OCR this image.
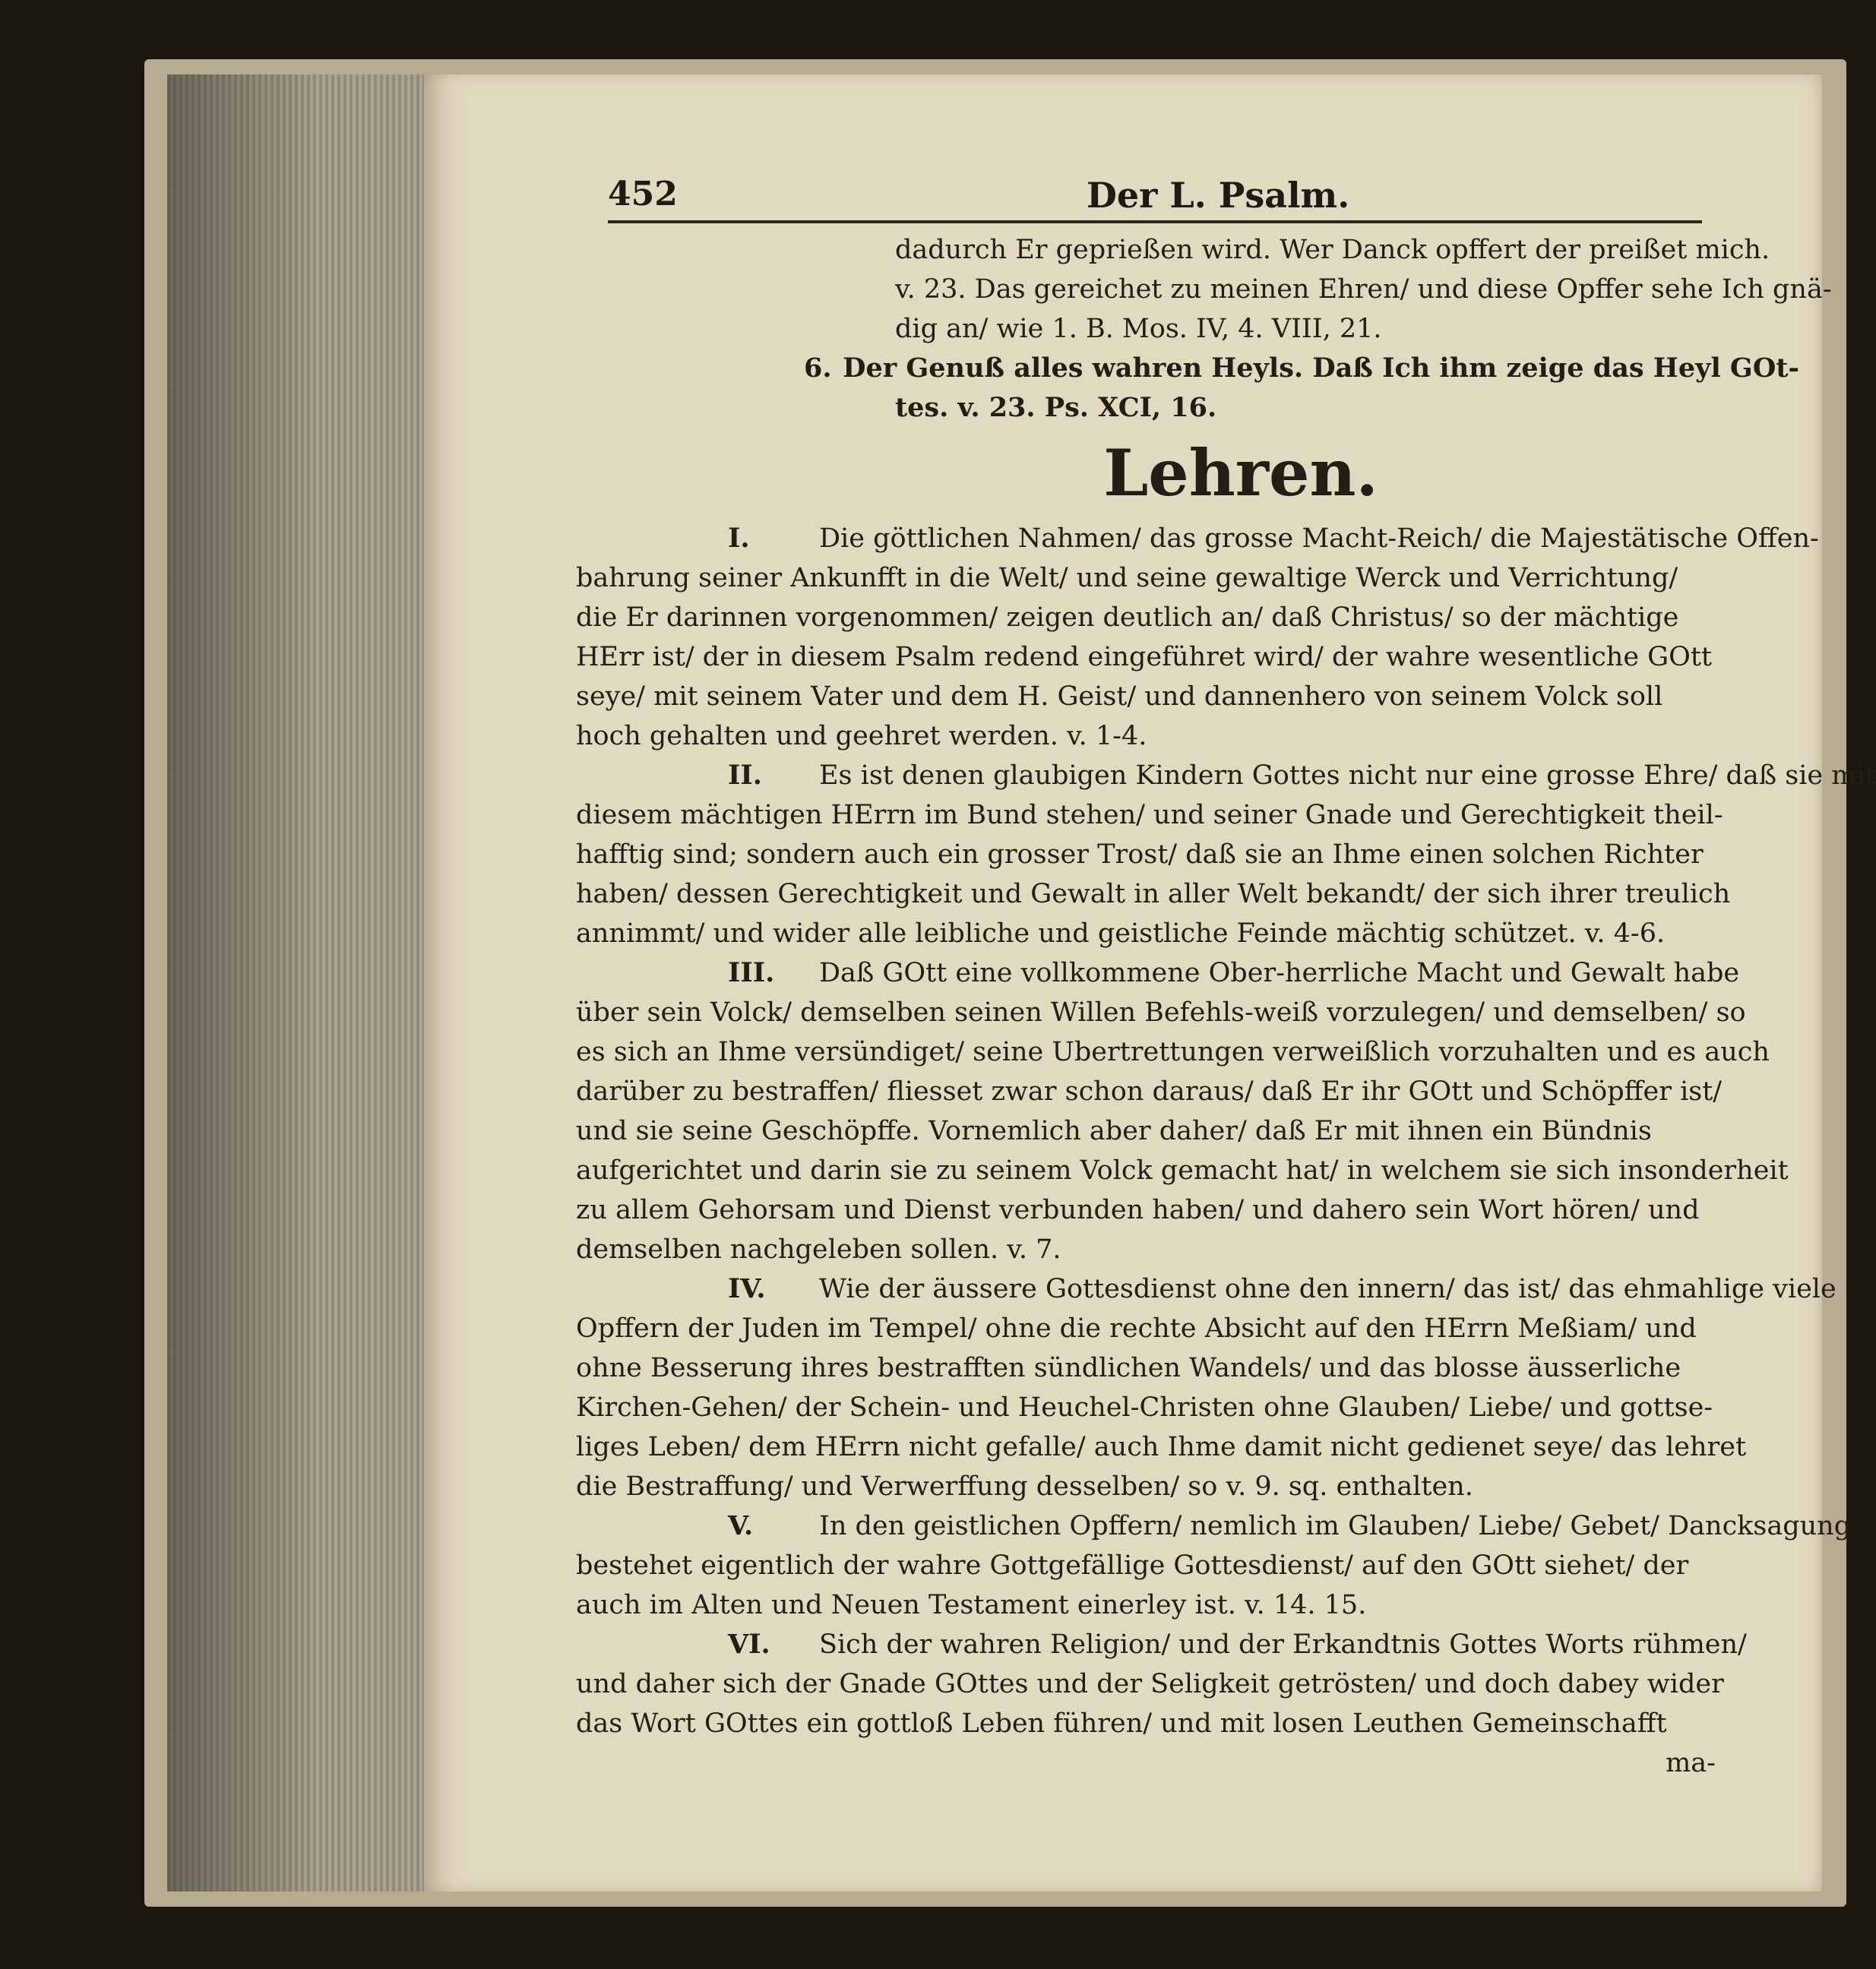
452	Der L. Psalm.
dadurch Er geprießen wird. Wer Danck opffert der preißet mich.
v. 23. Das gereichet zu meinen Ehren/ und diese Opffer sehe Ich gnä-
dig an/ wie 1. B. Mos. IV, 4. VIII, 21.
6. Der Genuß alles wahren Heyls. Daß Ich ihm zeige das Heyl GOt-
tes. v. 23. Ps. XCI, 16.
Lehren.
I.	Die göttlichen Nahmen/ das grosse Macht-Reich/ die Majestätische Offen-
bahrung seiner Ankunfft in die Welt/ und seine gewaltige Werck und Verrichtung/
die Er darinnen vorgenommen/ zeigen deutlich an/ daß Christus/ so der mächtige
HErr ist/ der in diesem Psalm redend eingeführet wird/ der wahre wesentliche GOtt
seye/ mit seinem Vater und dem H. Geist/ und dannenhero von seinem Volck soll
hoch gehalten und geehret werden. v. 1-4.
II. Es ist denen glaubigen Kindern Gottes nicht nur eine grosse Ehre/ daß sie mit
diesem mächtigen HErrn im Bund stehen/ und seiner Gnade und Gerechtigkeit theil-
hafftig sind; sondern auch ein grosser Trost/ daß sie an Ihme einen solchen Richter
haben/ dessen Gerechtigkeit und Gewalt in aller Welt bekandt/ der sich ihrer treulich
annimmt/ und wider alle leibliche und geistliche Feinde mächtig schützet. v. 4-6.
III. Daß GOtt eine vollkommene Ober-herrliche Macht und Gewalt habe
über sein Volck/ demselben seinen Willen Befehls-weiß vorzulegen/ und demselben/ so
es sich an Ihme versündiget/ seine Ubertrettungen verweißlich vorzuhalten und es auch
darüber zu bestraffen/ fliesset zwar schon daraus/ daß Er ihr GOtt und Schöpffer ist/
und sie seine Geschöpffe. Vornemlich aber daher/ daß Er mit ihnen ein Bündnis
aufgerichtet und darin sie zu seinem Volck gemacht hat/ in welchem sie sich insonderheit
zu allem Gehorsam und Dienst verbunden haben/ und dahero sein Wort hören/ und
demselben nachgeleben sollen. v. 7.
IV. Wie der äussere Gottesdienst ohne den innern/ das ist/ das ehmahlige viele
Opffern der Juden im Tempel/ ohne die rechte Absicht auf den HErrn Meßiam/ und
ohne Besserung ihres bestrafften sündlichen Wandels/ und das blosse äusserliche
Kirchen-Gehen/ der Schein- und Heuchel-Christen ohne Glauben/ Liebe/ und gottse-
liges Leben/ dem HErrn nicht gefalle/ auch Ihme damit nicht gedienet seye/ das lehret
die Bestraffung/ und Verwerffung desselben/ so v. 9. sq. enthalten.
V. In den geistlichen Opffern/ nemlich im Glauben/ Liebe/ Gebet/ Dancksagung
bestehet eigentlich der wahre Gottgefällige Gottesdienst/ auf den GOtt siehet/ der
auch im Alten und Neuen Testament einerley ist. v. 14. 15.
VI. Sich der wahren Religion/ und der Erkandtnis Gottes Worts rühmen/
und daher sich der Gnade GOttes und der Seligkeit getrösten/ und doch dabey wider
das Wort GOttes ein gottloß Leben führen/ und mit losen Leuthen Gemeinschafft
ma-
